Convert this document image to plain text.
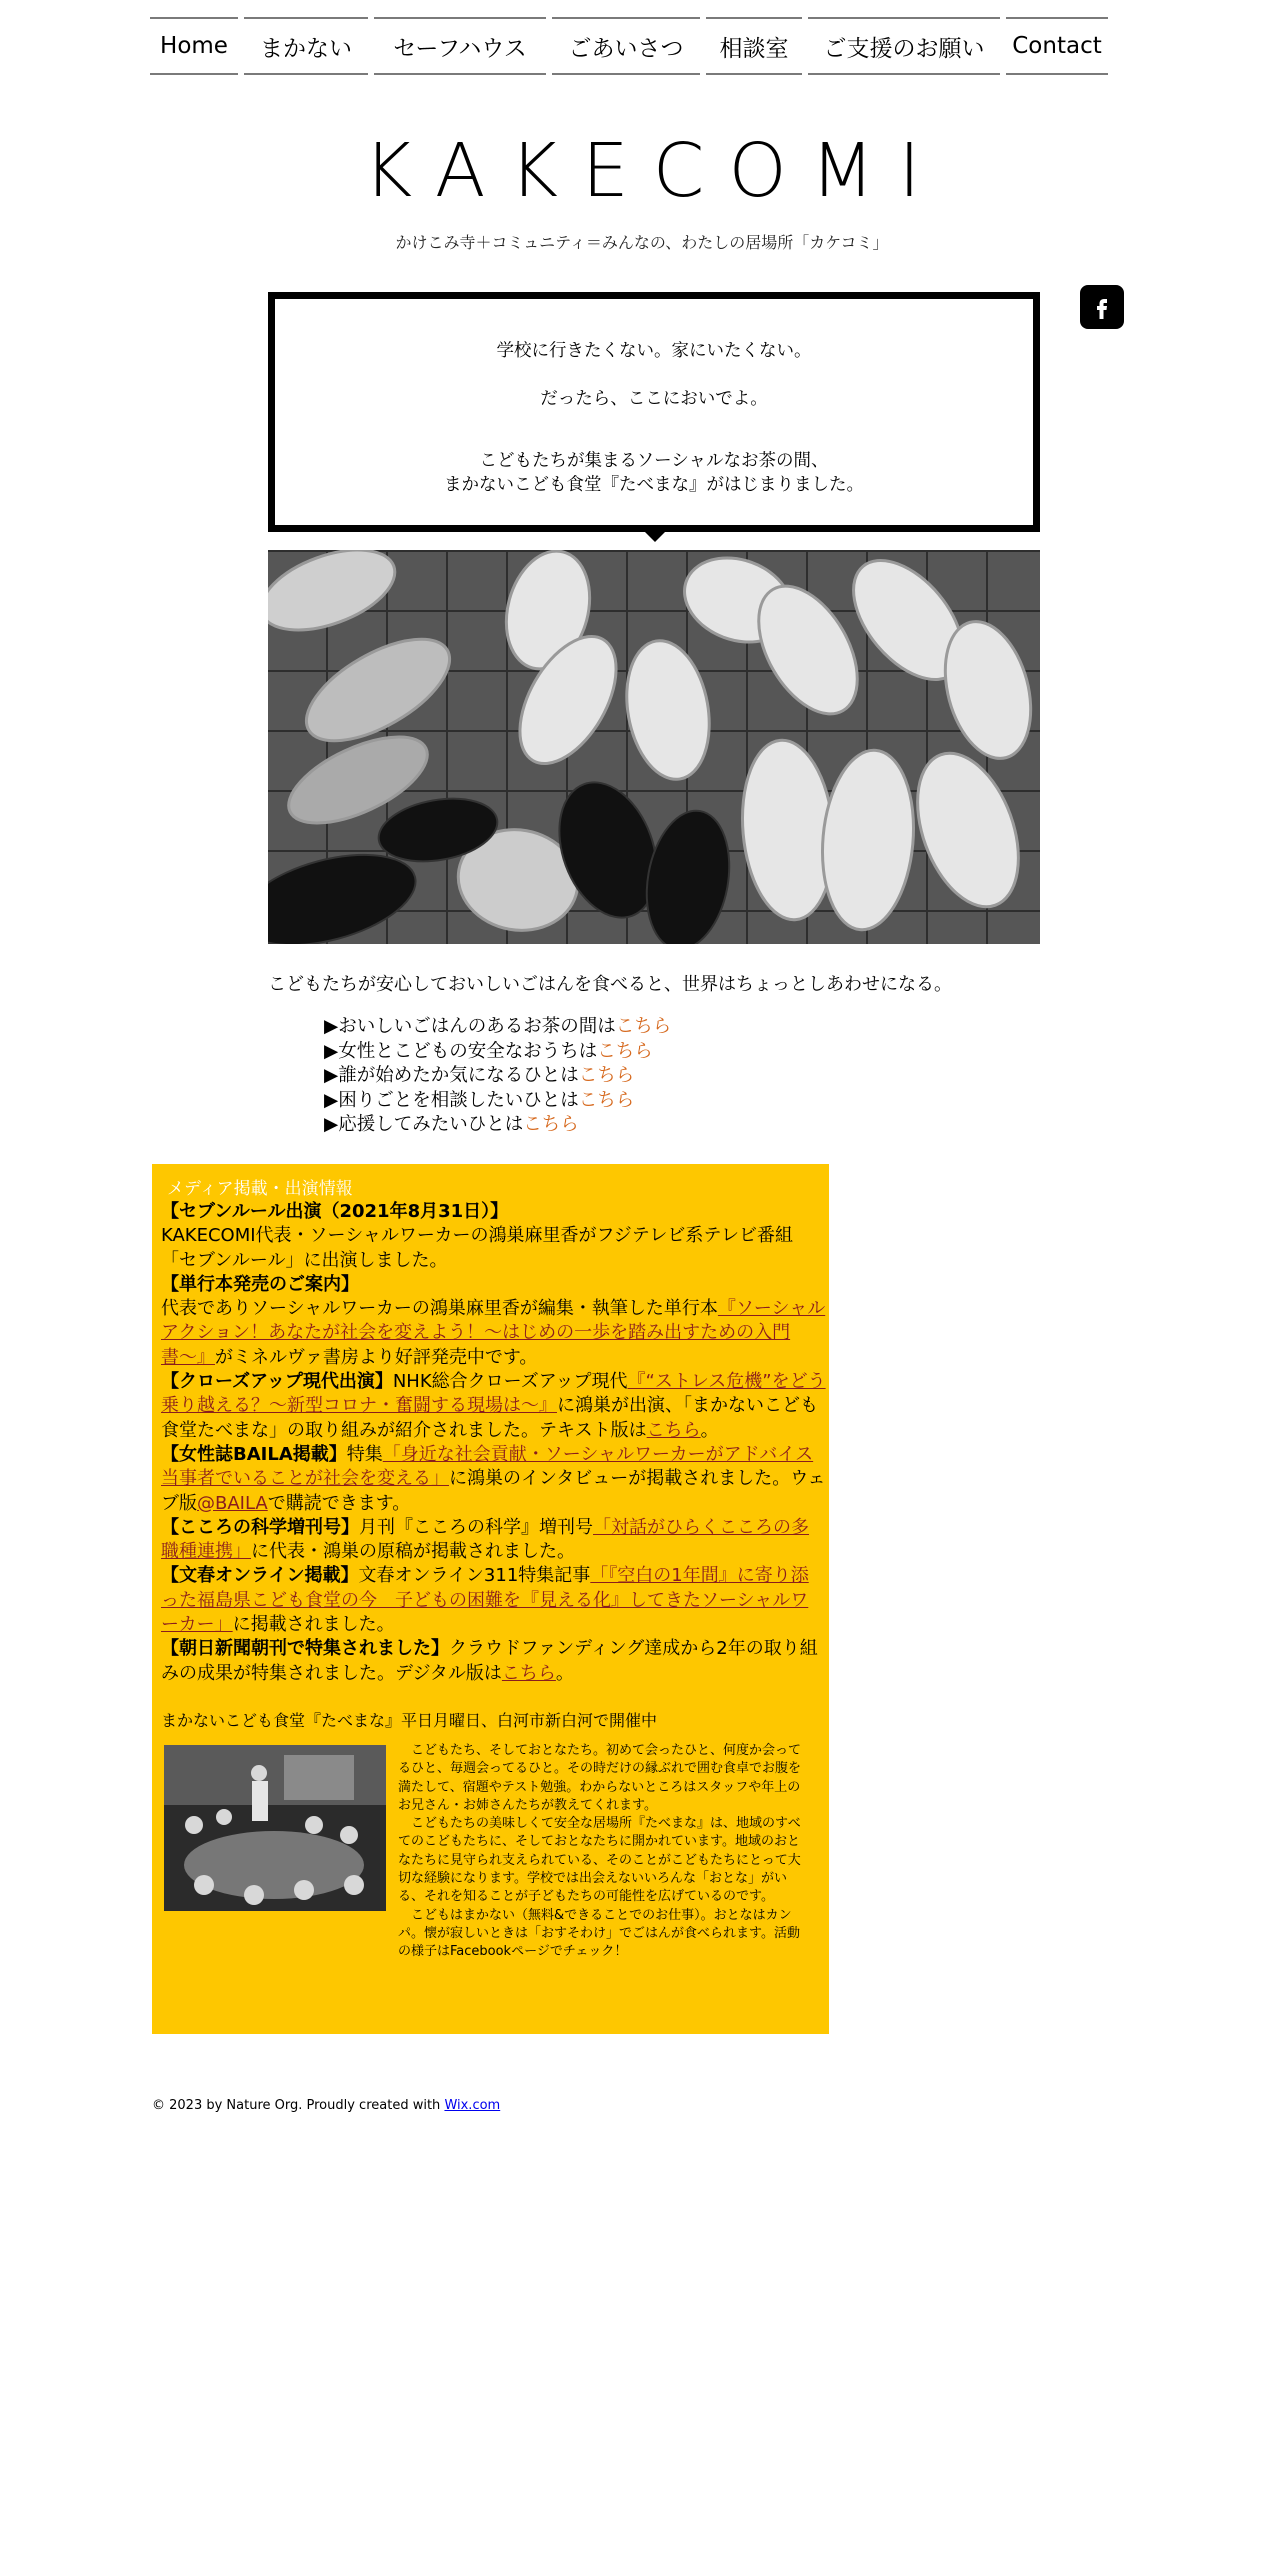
Home	まかない	セーフハウス	ごあいさつ	相談室	ご支援のお願い	Contact
KAKECOMI
かけこみ寺＋コミュニティ＝みんなの、わたしの居場所「カケコミ」

学校に行きたくない。家にいたくない。

だったら、ここにおいでよ。

こどもたちが集まるソーシャルなお茶の間、

まかないこども食堂『たべまな』がはじまりました。

こどもたちが安心しておいしいごはんを食べると、世界はちょっとしあわせになる。
▶おいしいごはんのあるお茶の間はこちら
▶女性とこどもの安全なおうちはこちら
▶誰が始めたか気になるひとはこちら
▶困りごとを相談したいひとはこちら
▶応援してみたいひとはこちら
メディア掲載・出演情報
【セブンルール出演（2021年8月31日）】
KAKECOMI代表・ソーシャルワーカーの鴻巣麻里香がフジテレビ系テレビ番組「セブンルール」に出演しました。
【単行本発売のご案内】
代表でありソーシャルワーカーの鴻巣麻里香が編集・執筆した単行本『ソーシャルアクション！あなたが社会を変えよう！〜はじめの一歩を踏み出すための入門書〜』がミネルヴァ書房より好評発売中です。
【クローズアップ現代出演】NHK総合クローズアップ現代『“ストレス危機”をどう乗り越える？〜新型コロナ・奮闘する現場は〜』に鴻巣が出演、「まかないこども食堂たべまな」の取り組みが紹介されました。テキスト版はこちら。
【女性誌BAILA掲載】特集「身近な社会貢献・ソーシャルワーカーがアドバイス 当事者でいることが社会を変える」に鴻巣のインタビューが掲載されました。ウェブ版@BAILAで購読できます。
【こころの科学増刊号】月刊『こころの科学』増刊号「対話がひらくこころの多職種連携」に代表・鴻巣の原稿が掲載されました。
【文春オンライン掲載】文春オンライン311特集記事「『空白の1年間』に寄り添った福島県こども食堂の今　子どもの困難を『見える化』してきたソーシャルワーカー」に掲載されました。
【朝日新聞朝刊で特集されました】クラウドファンディング達成から2年の取り組みの成果が特集されました。デジタル版はこちら。
まかないこども食堂『たべまな』平日月曜日、白河市新白河で開催中
　こどもたち、そしておとなたち。初めて会ったひと、何度か会ってるひと、毎週会ってるひと。その時だけの縁ぶれで囲む食卓でお腹を満たして、宿題やテスト勉強。わからないところはスタッフや年上のお兄さん・お姉さんたちが教えてくれます。
　こどもたちの美味しくて安全な居場所『たべまな』は、地域のすべてのこどもたちに、そしておとなたちに開かれています。地域のおとなたちに見守られ支えられている、そのことがこどもたちにとって大切な経験になります。学校では出会えないいろんな「おとな」がいる、それを知ることが子どもたちの可能性を広げているのです。
　こどもはまかない（無料&できることでのお仕事）。おとなはカンパ。懐が寂しいときは「おすそわけ」でごはんが食べられます。活動の様子はFacebookページでチェック！
© 2023 by Nature Org. Proudly created with Wix.com
